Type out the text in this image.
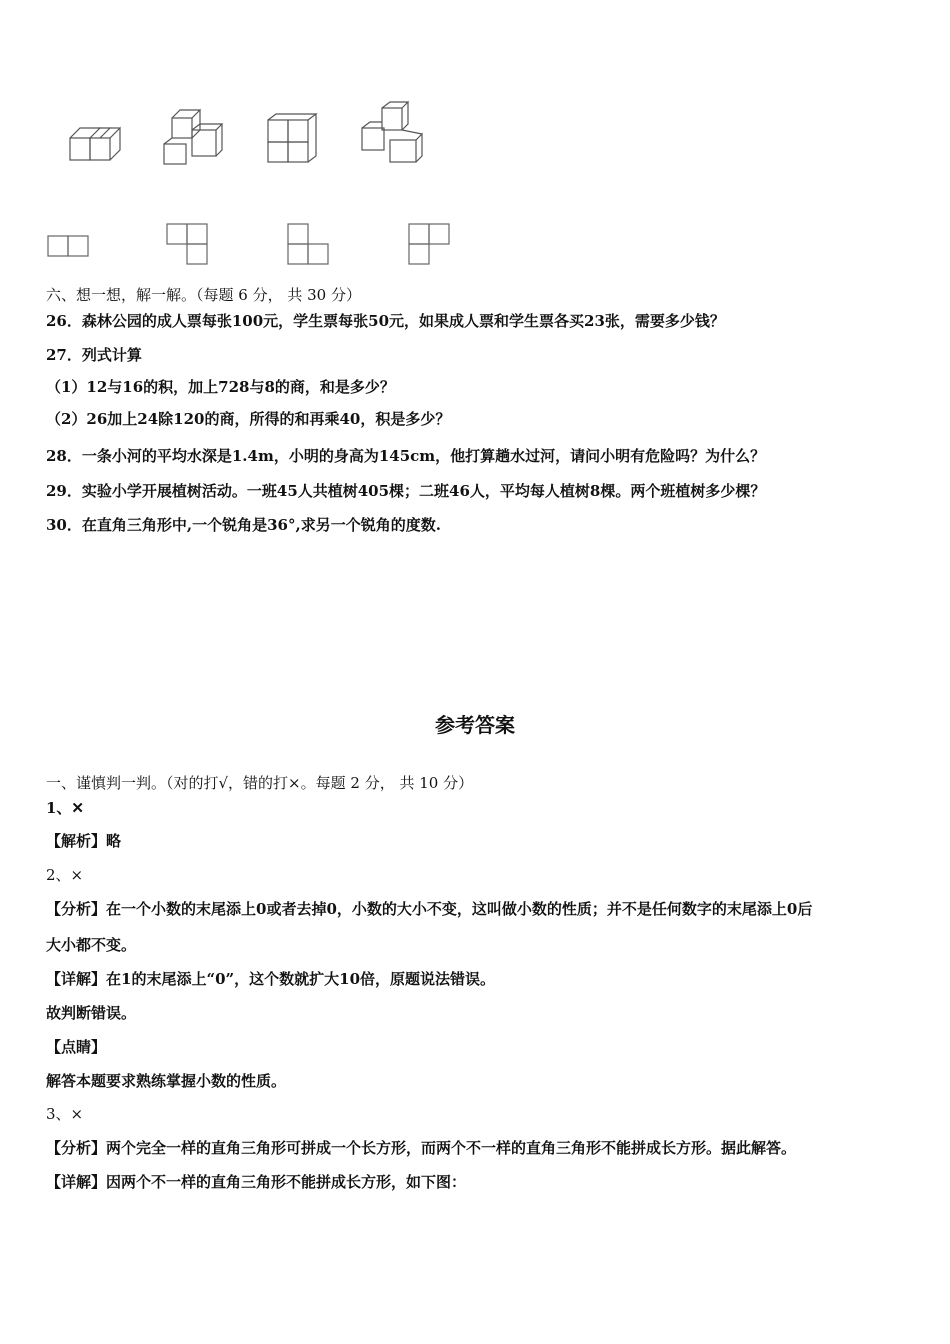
六、想一想，解一解。（每题 6 分， 共 30 分）
26．森林公园的成人票每张100元，学生票每张50元，如果成人票和学生票各买23张，需要多少钱？
27．列式计算
（1）12与16的积，加上728与8的商，和是多少？
（2）26加上24除120的商，所得的和再乘40，积是多少？
28．一条小河的平均水深是1.4m，小明的身高为145cm，他打算趟水过河，请问小明有危险吗？为什么？
29．实验小学开展植树活动。一班45人共植树405棵；二班46人，平均每人植树8棵。两个班植树多少棵？
30．在直角三角形中,一个锐角是36°,求另一个锐角的度数.
参考答案
一、谨慎判一判。（对的打√，错的打×。每题 2 分， 共 10 分）
1、✕
【解析】略
2、×
【分析】在一个小数的末尾添上0或者去掉0，小数的大小不变，这叫做小数的性质；并不是任何数字的末尾添上0后
大小都不变。
【详解】在1的末尾添上“0”，这个数就扩大10倍，原题说法错误。
故判断错误。
【点睛】
解答本题要求熟练掌握小数的性质。
3、×
【分析】两个完全一样的直角三角形可拼成一个长方形，而两个不一样的直角三角形不能拼成长方形。据此解答。
【详解】因两个不一样的直角三角形不能拼成长方形，如下图：
